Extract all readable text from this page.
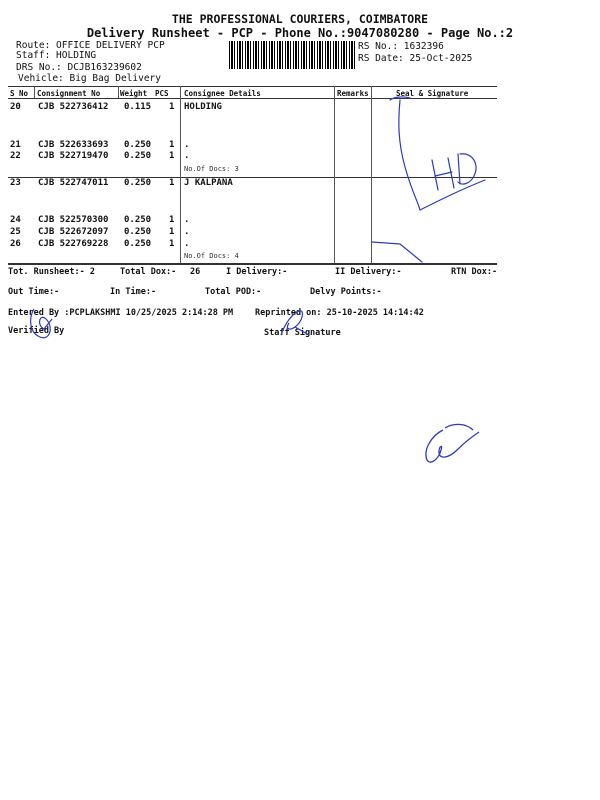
THE PROFESSIONAL COURIERS, COIMBATORE
Delivery Runsheet - PCP - Phone No.:9047080280 - Page No.:2
Route: OFFICE DELIVERY PCP
Staff: HOLDING
DRS No.: DCJB163239602
Vehicle: Big Bag Delivery
RS No.: 1632396
RS Date: 25-Oct-2025
S No Consignment No	Weight PCS Consignee Details	Remarks	Seal & Signature
20 CJB 522736412 0.115 1 HOLDING
21 CJB 522633693 0.250 1 .
22 CJB 522719470 0.250 1 .
No.Of Docs: 3
23 CJB 522747011 0.250 1 J KALPANA
24 CJB 522570300 0.250 1 .
25 CJB 522672097 0.250 1 .
26 CJB 522769228 0.250 1 .
No.Of Docs: 4
Tot. Runsheet:- 2	Total Dox:- 26	I Delivery:-	II Delivery:-	RTN Dox:-
Out Time:-	In Time:-	Total POD:-	Delvy Points:-
Entered By :PCPLAKSHMI 10/25/2025 2:14:28 PM	Reprinted on: 25-10-2025 14:14:42
Verified By	Staff Signature
